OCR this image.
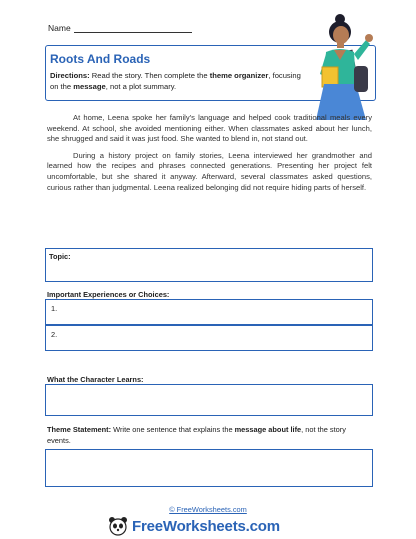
Name
Roots And Roads
Directions: Read the story. Then complete the theme organizer, focusing on the message, not a plot summary.

At home, Leena spoke her family's language and helped cook traditional meals every weekend. At school, she avoided mentioning either. When classmates asked about her lunch, she shrugged and said it was just food. She wanted to blend in, not stand out.

During a history project on family stories, Leena interviewed her grandmother and learned how the recipes and phrases connected generations. Presenting her project felt uncomfortable, but she shared it anyway. Afterward, several classmates asked questions, curious rather than judgmental. Leena realized belonging did not require hiding parts of herself.

Topic:
Important Experiences or Choices:
1.
2.
What the Character Learns:
Theme Statement: Write one sentence that explains the message about life, not the story events.
© FreeWorksheets.com
FreeWorksheets.com
